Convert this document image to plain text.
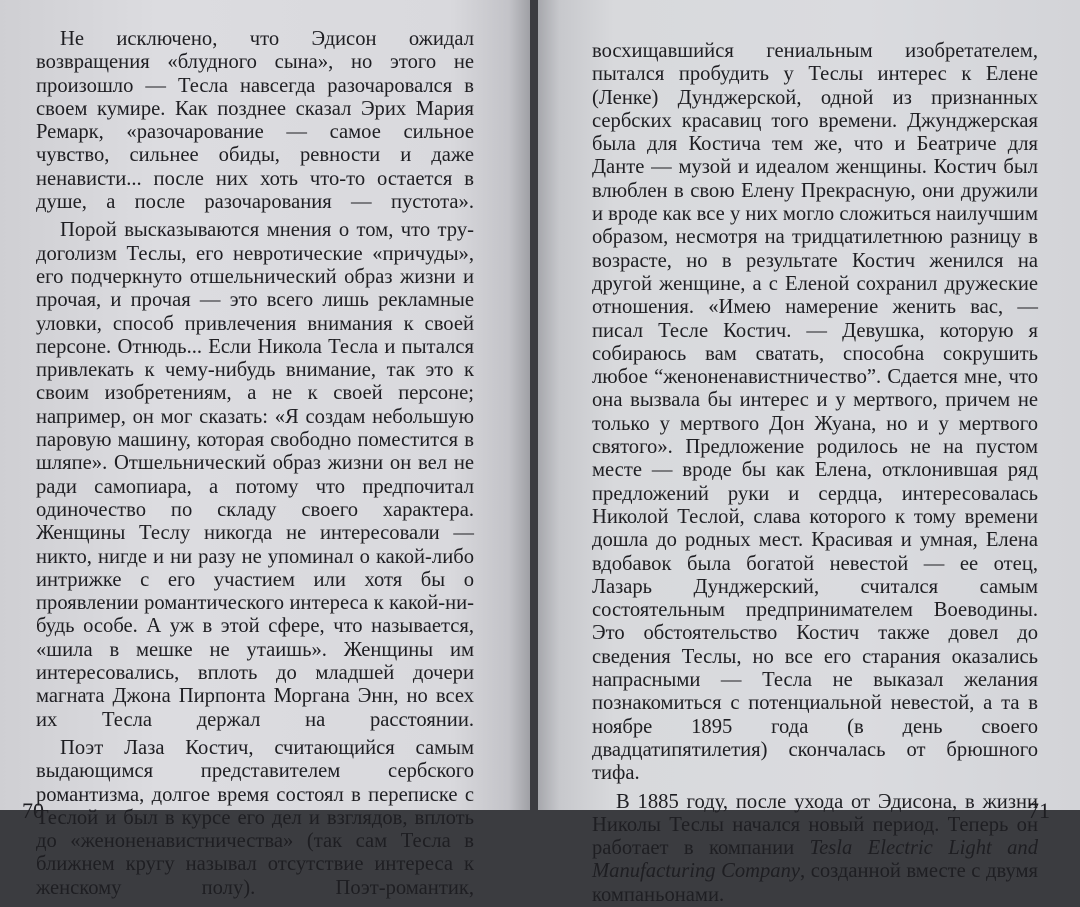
Не исключено, что Эдисон ожидал возвращения «блудного сына», но этого не произошло — Тесла навсегда разочаровался в своем кумире. Как позднее сказал Эрих Мария Ремарк, «разочарование — самое сильное чувство, сильнее обиды, ревности и даже ненависти... после них хоть что-то остается в душе, а после разочарования — пустота».

Порой высказываются мнения о том, что трудоголизм Теслы, его невротические «причуды», его подчеркнуто отшельнический образ жизни и прочая, и прочая — это всего лишь рекламные уловки, способ привлечения внимания к своей персоне. Отнюдь... Если Никола Тесла и пытался привлекать к чему-нибудь внимание, так это к своим изобретениям, а не к своей персоне; например, он мог сказать: «Я создам небольшую паровую машину, которая свободно поместится в шляпе». Отшельнический образ жизни он вел не ради самопиара, а потому что предпочитал одиночество по складу своего характера. Женщины Теслу никогда не интересовали — никто, нигде и ни разу не упоминал о какой-либо интрижке с его участием или хотя бы о проявлении романтического интереса к какой-нибудь особе. А уж в этой сфере, что называется, «шила в мешке не утаишь». Женщины им интересовались, вплоть до младшей дочери магната Джона Пирпонта Моргана Энн, но всех их Тесла держал на расстоянии.

Поэт Лаза Костич, считающийся самым выдающимся представителем сербского романтизма, долгое время состоял в переписке с Теслой и был в курсе его дел и взглядов, вплоть до «женоненавистничества» (так сам Тесла в ближнем кругу называл отсутствие интереса к женскому полу). Поэт-романтик,

70

восхищавшийся гениальным изобретателем, пытался пробудить у Теслы интерес к Елене (Ленке) Дунджерской, одной из признанных сербских красавиц того времени. Джунджерская была для Костича тем же, что и Беатриче для Данте — музой и идеалом женщины. Костич был влюблен в свою Елену Прекрасную, они дружили и вроде как все у них могло сложиться наилучшим образом, несмотря на тридцатилетнюю разницу в возрасте, но в результате Костич женился на другой женщине, а с Еленой сохранил дружеские отношения. «Имею намерение женить вас, — писал Тесле Костич. — Девушка, которую я собираюсь вам сватать, способна сокрушить любое “женоненавистничество”. Сдается мне, что она вызвала бы интерес и у мертвого, причем не только у мертвого Дон Жуана, но и у мертвого святого». Предложение родилось не на пустом месте — вроде бы как Елена, отклонившая ряд предложений руки и сердца, интересовалась Николой Теслой, слава которого к тому времени дошла до родных мест. Красивая и умная, Елена вдобавок была богатой невестой — ее отец, Лазарь Дунджерский, считался самым состоятельным предпринимателем Воеводины. Это обстоятельство Костич также довел до сведения Теслы, но все его старания оказались напрасными — Тесла не выказал желания познакомиться с потенциальной невестой, а та в ноябре 1895 года (в день своего двадцатипятилетия) скончалась от брюшного тифа.

В 1885 году, после ухода от Эдисона, в жизни Николы Теслы начался новый период. Теперь он работает в компании Tesla Electric Light and Manufacturing Company, созданной вместе с двумя компаньонами.

71
